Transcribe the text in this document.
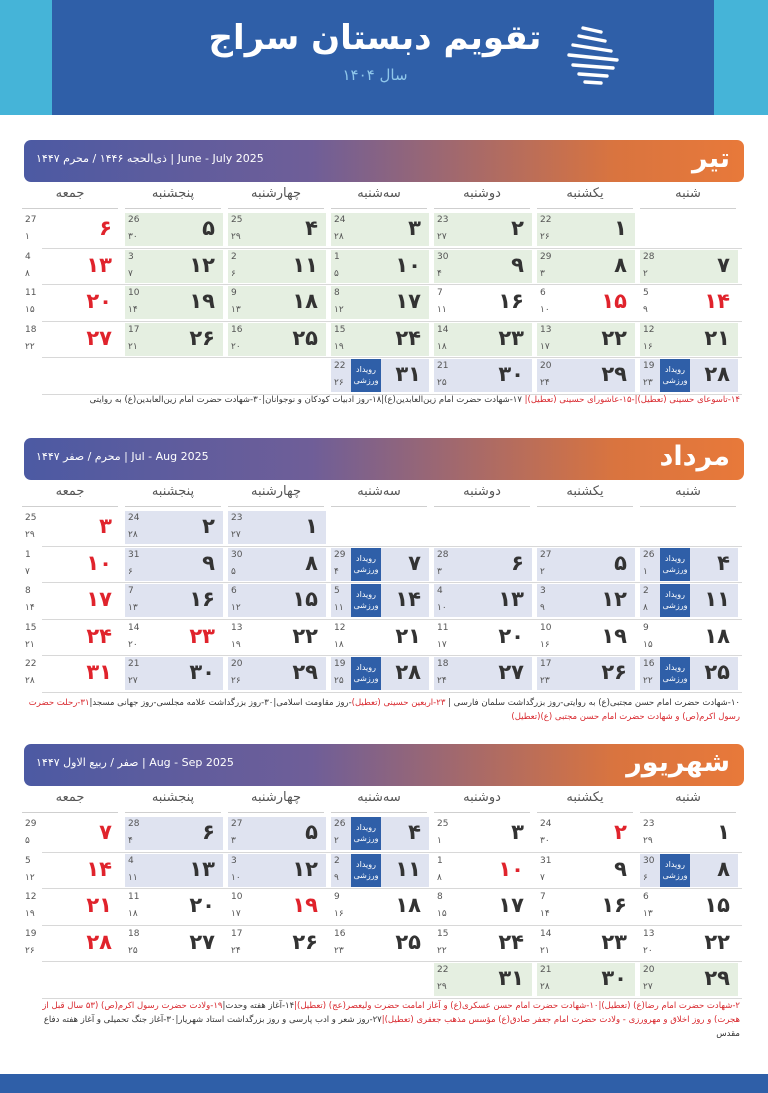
تقویم دبستان سراج
سال ۱۴۰۴
تیر
June - July 2025 | ذی‌الحجه ۱۴۴۶ / محرم ۱۴۴۷
شنبه
یکشنبه
دوشنبه
سه‌شنبه
چهارشنبه
پنجشنبه
جمعه
۱
22
۲۶
۲
23
۲۷
۳
24
۲۸
۴
25
۲۹
۵
26
۳۰
۶
27
۱
۷
28
۲
۸
29
۳
۹
30
۴
۱۰
1
۵
۱۱
2
۶
۱۲
3
۷
۱۳
4
۸
۱۴
5
۹
۱۵
6
۱۰
۱۶
7
۱۱
۱۷
8
۱۲
۱۸
9
۱۳
۱۹
10
۱۴
۲۰
11
۱۵
۲۱
12
۱۶
۲۲
13
۱۷
۲۳
14
۱۸
۲۴
15
۱۹
۲۵
16
۲۰
۲۶
17
۲۱
۲۷
18
۲۲
۲۸
19
۲۳
رویداد ورزشی
۲۹
20
۲۴
۳۰
21
۲۵
۳۱
22
۲۶
رویداد ورزشی
۱۴-تاسوعای حسینی (تعطیل)|-۱۵-عاشورای حسینی (تعطیل)| ۱۷-شهادت حضرت امام زین‌العابدین(ع)|۱۸-روز ادبیات کودکان و نوجوانان|۳۰-شهادت حضرت امام زین‌العابدین(ع) به روایتی
مرداد
Jul - Aug 2025 | محرم / صفر ۱۴۴۷
شنبه
یکشنبه
دوشنبه
سه‌شنبه
چهارشنبه
پنجشنبه
جمعه
۱
23
۲۷
۲
24
۲۸
۳
25
۲۹
۴
26
۱
رویداد ورزشی
۵
27
۲
۶
28
۳
۷
29
۴
رویداد ورزشی
۸
30
۵
۹
31
۶
۱۰
1
۷
۱۱
2
۸
رویداد ورزشی
۱۲
3
۹
۱۳
4
۱۰
۱۴
5
۱۱
رویداد ورزشی
۱۵
6
۱۲
۱۶
7
۱۳
۱۷
8
۱۴
۱۸
9
۱۵
۱۹
10
۱۶
۲۰
11
۱۷
۲۱
12
۱۸
۲۲
13
۱۹
۲۳
14
۲۰
۲۴
15
۲۱
۲۵
16
۲۲
رویداد ورزشی
۲۶
17
۲۳
۲۷
18
۲۴
۲۸
19
۲۵
رویداد ورزشی
۲۹
20
۲۶
۳۰
21
۲۷
۳۱
22
۲۸
۱۰-شهادت حضرت امام حسن مجتبی(ع) به روایتی-روز بزرگداشت سلمان فارسی | ۲۳-اربعین حسینی (تعطیل)-روز مقاومت اسلامی|۳۰-روز بزرگداشت علامه مجلسی-روز جهانی مسجد|۳۱-رحلت حضرت رسول اکرم(ص) و شهادت حضرت امام حسن مجتبی (ع)(تعطیل)
شهریور
Aug - Sep 2025 | صفر / ربیع الاول ۱۴۴۷
شنبه
یکشنبه
دوشنبه
سه‌شنبه
چهارشنبه
پنجشنبه
جمعه
۱
23
۲۹
۲
24
۳۰
۳
25
۱
۴
26
۲
رویداد ورزشی
۵
27
۳
۶
28
۴
۷
29
۵
۸
30
۶
رویداد ورزشی
۹
31
۷
۱۰
1
۸
۱۱
2
۹
رویداد ورزشی
۱۲
3
۱۰
۱۳
4
۱۱
۱۴
5
۱۲
۱۵
6
۱۳
۱۶
7
۱۴
۱۷
8
۱۵
۱۸
9
۱۶
۱۹
10
۱۷
۲۰
11
۱۸
۲۱
12
۱۹
۲۲
13
۲۰
۲۳
14
۲۱
۲۴
15
۲۲
۲۵
16
۲۳
۲۶
17
۲۴
۲۷
18
۲۵
۲۸
19
۲۶
۲۹
20
۲۷
۳۰
21
۲۸
۳۱
22
۲۹
۲-شهادت حضرت امام رضا(ع) (تعطیل)|۱۰-شهادت حضرت امام حسن عسکری(ع) و آغاز امامت حضرت ولیعصر(عج) (تعطیل)|۱۴-آغاز هفته وحدت|۱۹-ولادت حضرت رسول اکرم(ص) (۵۳ سال قبل از هجرت) و روز اخلاق و مهرورزی - ولادت حضرت امام جعفر صادق(ع) مؤسس مذهب جعفری (تعطیل)|۲۷-روز شعر و ادب پارسی و روز بزرگداشت استاد شهریار|۳۰-آغاز جنگ تحمیلی و آغاز هفته دفاع مقدس
